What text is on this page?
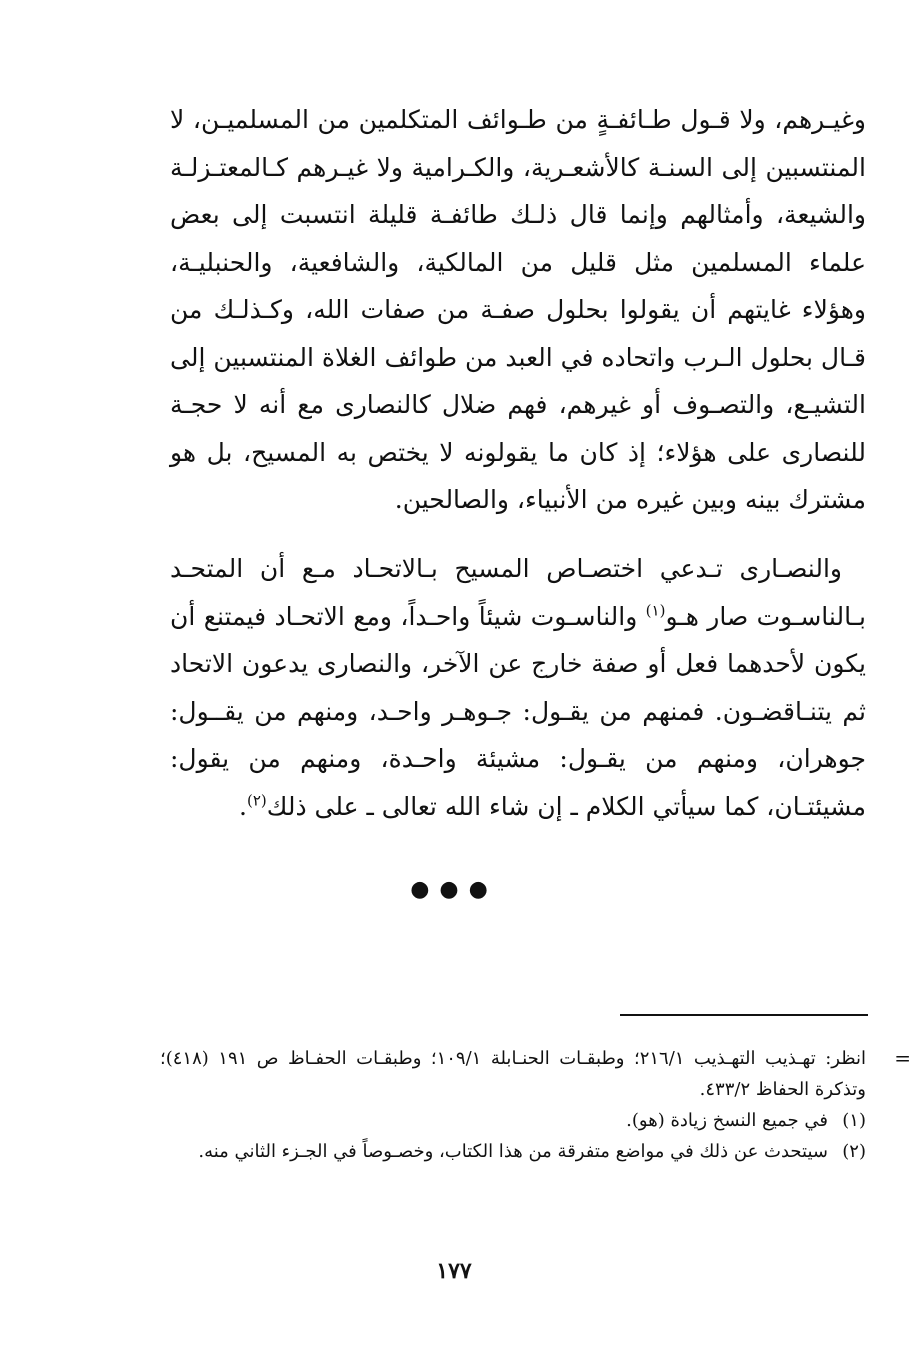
وغيـرهم، ولا قـول طـائفـةٍ من طـوائف المتكلمين من المسلميـن، لا المنتسبين إلى السنـة كالأشعـرية، والكـرامية ولا غيـرهم كـالمعتـزلـة والشيعة، وأمثالهم وإنما قال ذلـك طائفـة قليلة انتسبت إلى بعض علماء المسلمين مثل قليل من المالكية، والشافعية، والحنبليـة، وهؤلاء غايتهم أن يقولوا بحلول صفـة من صفات الله، وكـذلـك من قـال بحلول الـرب واتحاده في العبد من طوائف الغلاة المنتسبين إلى التشيـع، والتصـوف أو غيرهم، فهم ضلال كالنصارى مع أنه لا حجـة للنصارى على هؤلاء؛ إذ كان ما يقولونه لا يختص به المسيح، بل هو مشترك بينه وبين غيره من الأنبياء، والصالحين.

والنصـارى تـدعي اختصـاص المسيح بـالاتحـاد مـع أن المتحـد بـالناسـوت صار هـو$^{(١)}$ والناسـوت شيئاً واحـداً، ومع الاتحـاد فيمتنع أن يكون لأحدهما فعل أو صفة خارج عن الآخر، والنصارى يدعون الاتحاد ثم يتنـاقضـون. فمنهم من يقـول: جـوهـر واحـد، ومنهم من يقــول: جوهران، ومنهم من يقـول: مشيئة واحـدة، ومنهم من يقول: مشيئتـان، كما سيأتي الكلام ـ إن شاء الله تعالى ـ على ذلك$^{(٢)}$.

●●●

=
انظر: تهـذيب التهـذيب ٢١٦/١؛ وطبقـات الحنـابلة ١٠٩/١؛ وطبقـات الحفـاظ ص ١٩١ (٤١٨)؛ وتذكرة الحفاظ ٤٣٣/٢.

(١)
في جميع النسخ زيادة (هو).

(٢)
سيتحدث عن ذلك في مواضع متفرقة من هذا الكتاب، وخصـوصاً في الجـزء الثاني منه.

١٧٧
